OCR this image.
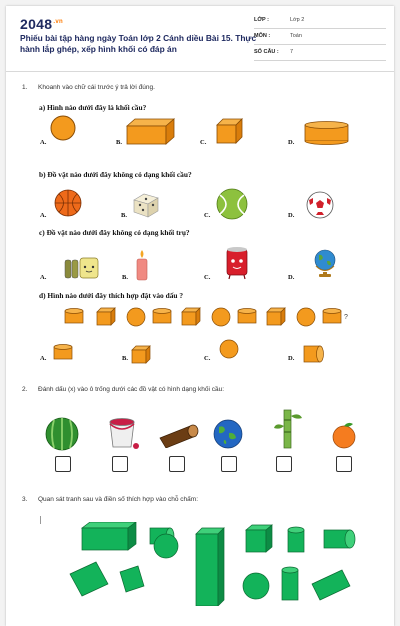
$2048^{.vn}$
Phiếu bài tập hàng ngày Toán lớp 2 Cánh diều Bài 15. Thực hành lắp ghép, xếp hình khối có đáp án
LỚP :	Lớp 2
MÔN :	Toán
SỐ CÂU : 7
1. Khoanh vào chữ cái trước ý trả lời đúng.
a) Hình nào dưới đây là khối cầu?
A.	B.	C.	D.
b) Đồ vật nào dưới đây không có dạng khối cầu?
A.	B.	C.	D.
c) Đồ vật nào dưới đây không có dạng khối trụ?
A.	B.	C.	D.
d) Hình nào dưới đây thích hợp đặt vào dấu ?
?
A.	B.	C.	D.
2. Đánh dấu (x) vào ô trống dưới các đồ vật có hình dạng khối cầu:
3. Quan sát tranh sau và điền số thích hợp vào chỗ chấm:
